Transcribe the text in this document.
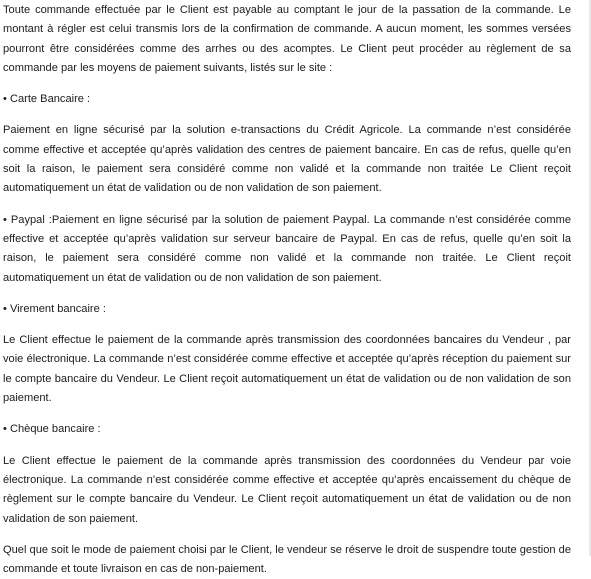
Toute commande effectuée par le Client est payable au comptant le jour de la passation de la commande. Le montant à régler est celui transmis lors de la confirmation de commande. A aucun moment, les sommes versées pourront être considérées comme des arrhes ou des acomptes. Le Client peut procéder au règlement de sa commande par les moyens de paiement suivants, listés sur le site :

• Carte Bancaire :

Paiement en ligne sécurisé par la solution e-transactions du Crédit Agricole. La commande n’est considérée comme effective et acceptée qu’après validation des centres de paiement bancaire. En cas de refus, quelle qu’en soit la raison, le paiement sera considéré comme non validé et la commande non traitée Le Client reçoit automatiquement un état de validation ou de non validation de son paiement.

• Paypal :Paiement en ligne sécurisé par la solution de paiement Paypal. La commande n’est considérée comme effective et acceptée qu’après validation sur serveur bancaire de Paypal. En cas de refus, quelle qu’en soit la raison, le paiement sera considéré comme non validé et la commande non traitée. Le Client reçoit automatiquement un état de validation ou de non validation de son paiement.

• Virement bancaire :

Le Client effectue le paiement de la commande après transmission des coordonnées bancaires du Vendeur , par voie électronique. La commande n’est considérée comme effective et acceptée qu’après réception du paiement sur le compte bancaire du Vendeur. Le Client reçoit automatiquement un état de validation ou de non validation de son paiement.

• Chèque bancaire :

Le Client effectue le paiement de la commande après transmission des coordonnées du Vendeur par voie électronique. La commande n’est considérée comme effective et acceptée qu’après encaissement du chèque de règlement sur le compte bancaire du Vendeur. Le Client reçoit automatiquement un état de validation ou de non validation de son paiement.

Quel que soit le mode de paiement choisi par le Client, le vendeur se réserve le droit de suspendre toute gestion de commande et toute livraison en cas de non-paiement.
